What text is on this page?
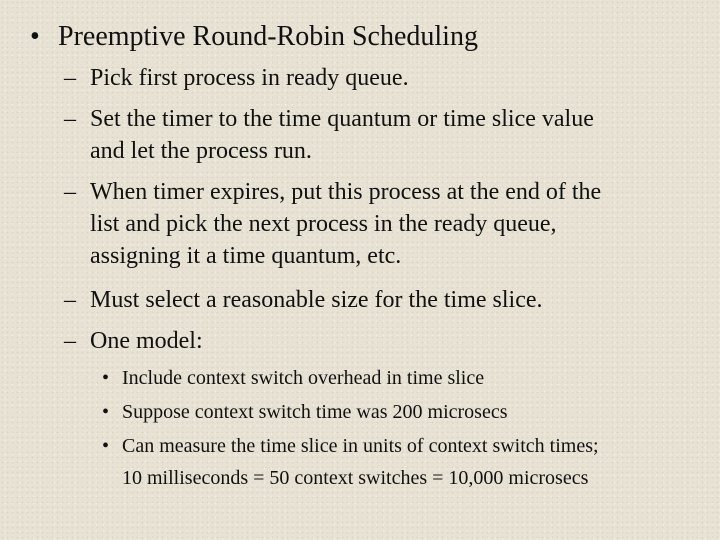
• Preemptive Round-Robin Scheduling
– Pick first process in ready queue.
– Set the timer to the time quantum or time slice value
and let the process run.
– When timer expires, put this process at the end of the
list and pick the next process in the ready queue,
assigning it a time quantum, etc.
– Must select a reasonable size for the time slice.
– One model:
• Include context switch overhead in time slice
• Suppose context switch time was 200 microsecs
• Can measure the time slice in units of context switch times;
10 milliseconds = 50 context switches = 10,000 microsecs
